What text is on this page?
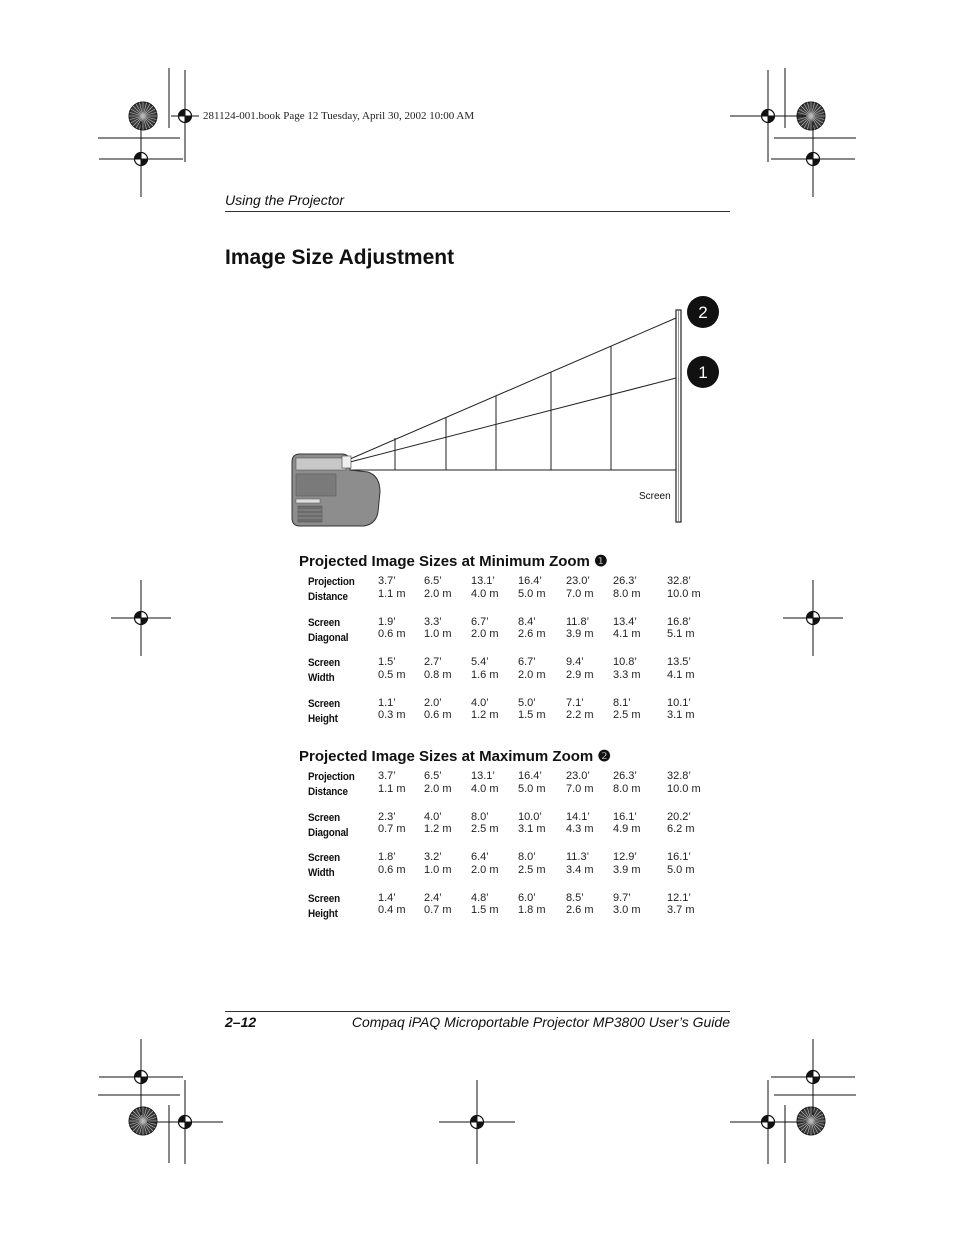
281124-001.book Page 12 Tuesday, April 30, 2002 10:00 AM
Using the Projector
Image Size Adjustment
2
1
Screen
Projected Image Sizes at Minimum Zoom ❶
Projection
Distance
3.7’
1.1 m
6.5’
2.0 m
13.1’
4.0 m
16.4’
5.0 m
23.0’
7.0 m
26.3’
8.0 m
32.8’
10.0 m
Screen
Diagonal
1.9’
0.6 m
3.3’
1.0 m
6.7’
2.0 m
8.4’
2.6 m
11.8’
3.9 m
13.4’
4.1 m
16.8’
5.1 m
Screen
Width
1.5’
0.5 m
2.7’
0.8 m
5.4’
1.6 m
6.7’
2.0 m
9.4’
2.9 m
10.8’
3.3 m
13.5’
4.1 m
Screen
Height
1.1’
0.3 m
2.0’
0.6 m
4.0’
1.2 m
5.0’
1.5 m
7.1’
2.2 m
8.1’
2.5 m
10.1’
3.1 m
Projected Image Sizes at Maximum Zoom ❷
Projection
Distance
3.7’
1.1 m
6.5’
2.0 m
13.1’
4.0 m
16.4’
5.0 m
23.0’
7.0 m
26.3’
8.0 m
32.8’
10.0 m
Screen
Diagonal
2.3’
0.7 m
4.0’
1.2 m
8.0’
2.5 m
10.0’
3.1 m
14.1’
4.3 m
16.1’
4.9 m
20.2’
6.2 m
Screen
Width
1.8’
0.6 m
3.2’
1.0 m
6.4’
2.0 m
8.0’
2.5 m
11.3’
3.4 m
12.9’
3.9 m
16.1’
5.0 m
Screen
Height
1.4’
0.4 m
2.4’
0.7 m
4.8’
1.5 m
6.0’
1.8 m
8.5’
2.6 m
9.7’
3.0 m
12.1’
3.7 m
2–12	Compaq iPAQ Microportable Projector MP3800 User’s Guide
